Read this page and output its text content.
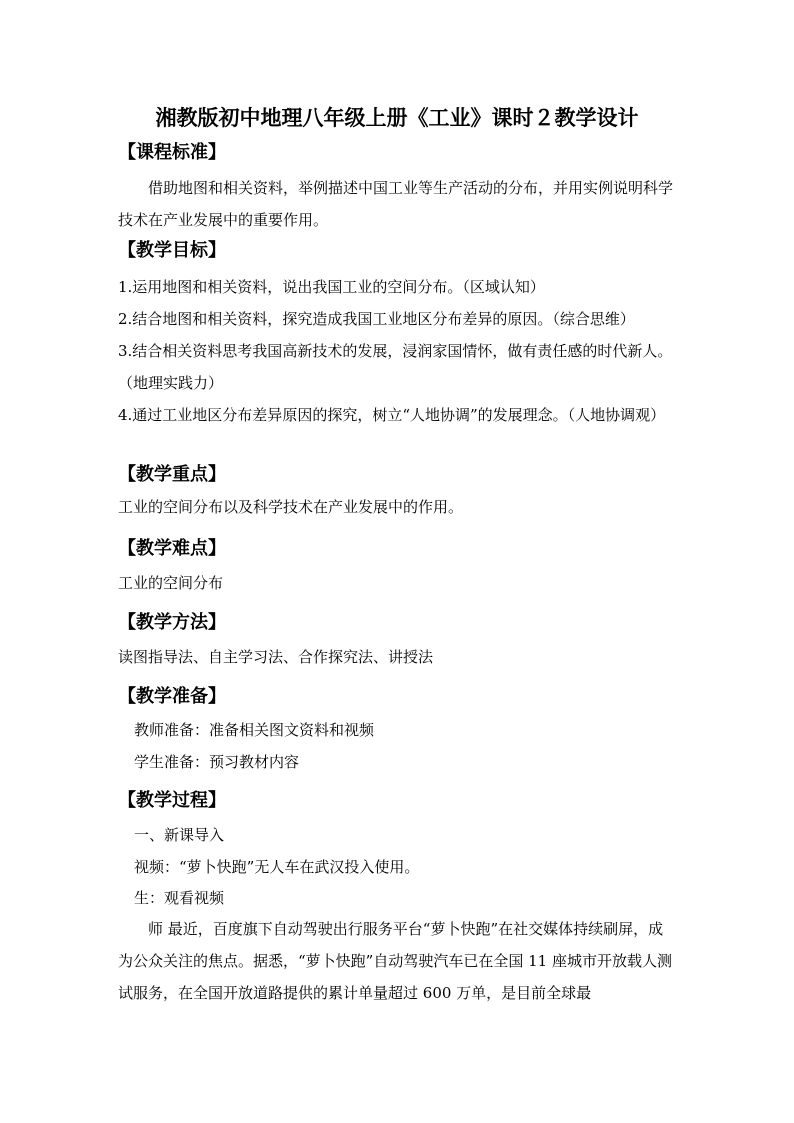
湘教版初中地理八年级上册《工业》课时２教学设计
【课程标准】

借助地图和相关资料，举例描述中国工业等生产活动的分布，并用实例说明科学技术在产业发展中的重要作用。

【教学目标】

1.运用地图和相关资料，说出我国工业的空间分布。（区域认知）

2.结合地图和相关资料，探究造成我国工业地区分布差异的原因。（综合思维）

3.结合相关资料思考我国高新技术的发展，浸润家国情怀，做有责任感的时代新人。（地理实践力）

4.通过工业地区分布差异原因的探究，树立“人地协调”的发展理念。（人地协调观）

【教学重点】

工业的空间分布以及科学技术在产业发展中的作用。

【教学难点】

工业的空间分布

【教学方法】

读图指导法、自主学习法、合作探究法、讲授法

【教学准备】

教师准备：准备相关图文资料和视频

学生准备：预习教材内容

【教学过程】

一、新课导入

视频：“萝卜快跑”无人车在武汉投入使用。

生：观看视频

师 最近，百度旗下自动驾驶出行服务平台“萝卜快跑”在社交媒体持续刷屏，成为公众关注的焦点。据悉，“萝卜快跑”自动驾驶汽车已在全国 11 座城市开放载人测试服务，在全国开放道路提供的累计单量超过 600 万单，是目前全球最
